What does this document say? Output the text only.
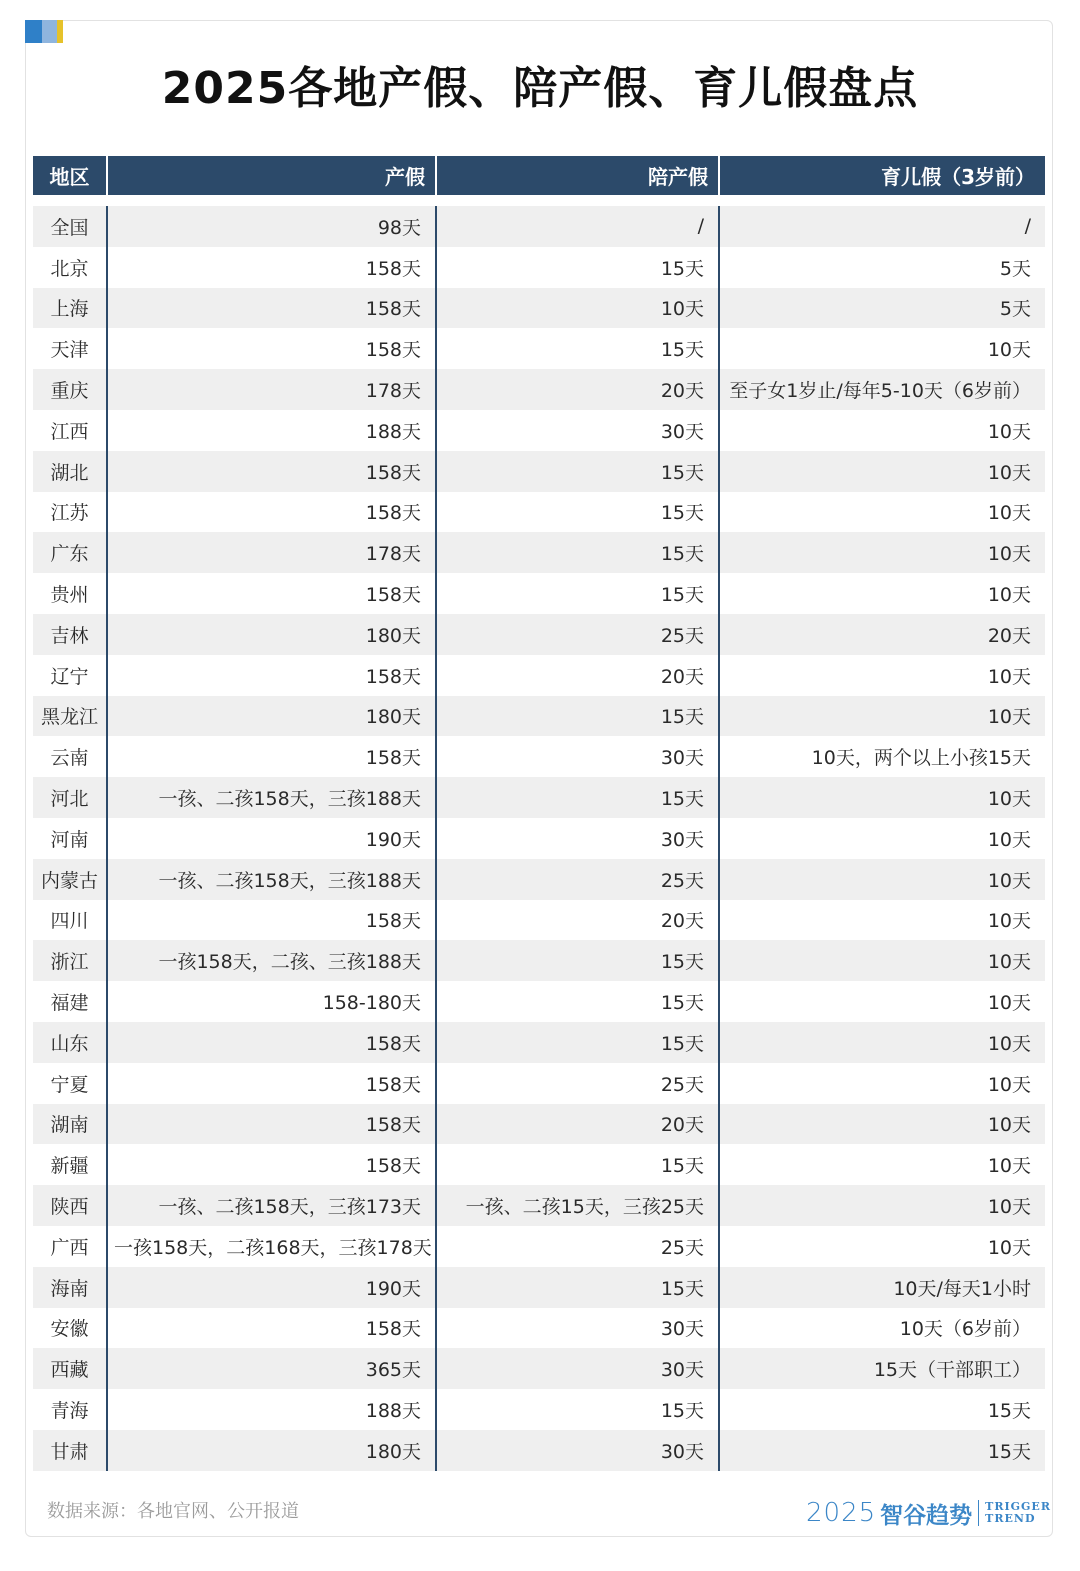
2025各地产假、陪产假、育儿假盘点
地区	产假	陪产假	育儿假（3岁前）

全国	98天	/	/
北京	158天	15天	5天
上海	158天	10天	5天
天津	158天	15天	10天
重庆	178天	20天	至子女1岁止/每年5-10天（6岁前）
江西	188天	30天	10天
湖北	158天	15天	10天
江苏	158天	15天	10天
广东	178天	15天	10天
贵州	158天	15天	10天
吉林	180天	25天	20天
辽宁	158天	20天	10天
黑龙江	180天	15天	10天
云南	158天	30天	10天，两个以上小孩15天
河北	一孩、二孩158天，三孩188天	15天	10天
河南	190天	30天	10天
内蒙古	一孩、二孩158天，三孩188天	25天	10天
四川	158天	20天	10天
浙江	一孩158天，二孩、三孩188天	15天	10天
福建	158-180天	15天	10天
山东	158天	15天	10天
宁夏	158天	25天	10天
湖南	158天	20天	10天
新疆	158天	15天	10天
陕西	一孩、二孩158天，三孩173天	一孩、二孩15天，三孩25天	10天
广西	一孩158天，二孩168天，三孩178天	25天	10天
海南	190天	15天	10天/每天1小时
安徽	158天	30天	10天（6岁前）
西藏	365天	30天	15天（干部职工）
青海	188天	15天	15天
甘肃	180天	30天	15天
数据来源：各地官网、公开报道	2025 智谷趋势 TRIGGER
TREND
